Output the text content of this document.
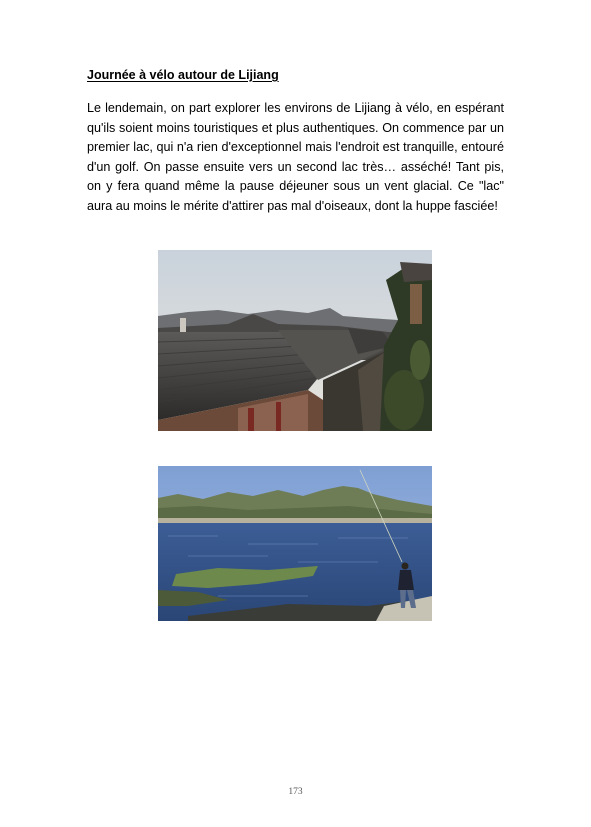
Journée à vélo autour de Lijiang

Le lendemain, on part explorer les environs de Lijiang à vélo, en espérant qu'ils soient moins touristiques et plus authentiques. On commence par un premier lac, qui n'a rien d'exceptionnel mais l'endroit est tranquille, entouré d'un golf. On passe ensuite vers un second lac très… asséché! Tant pis, on y fera quand même la pause déjeuner sous un vent glacial. Ce "lac" aura au moins le mérite d'attirer pas mal d'oiseaux, dont la huppe fasciée!

173
